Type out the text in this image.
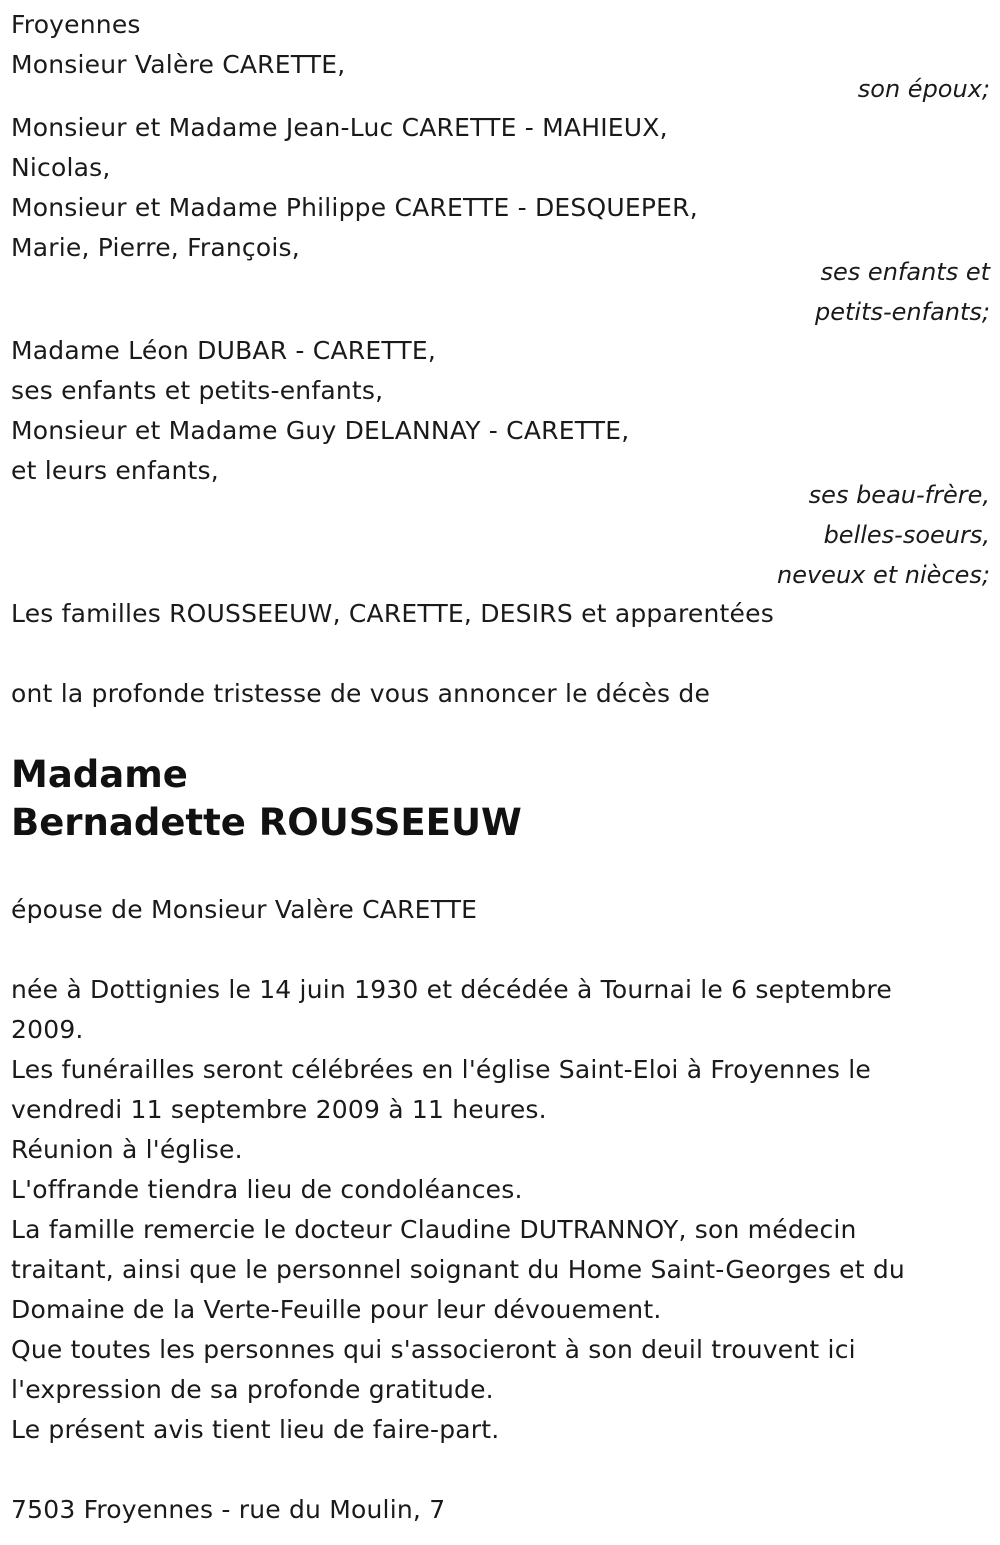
Froyennes
Monsieur Valère CARETTE,
son époux;
Monsieur et Madame Jean-Luc CARETTE - MAHIEUX,
Nicolas,
Monsieur et Madame Philippe CARETTE - DESQUEPER,
Marie, Pierre, François,
ses enfants et
petits-enfants;
Madame Léon DUBAR - CARETTE,
ses enfants et petits-enfants,
Monsieur et Madame Guy DELANNAY - CARETTE,
et leurs enfants,
ses beau-frère,
belles-soeurs,
neveux et nièces;
Les familles ROUSSEEUW, CARETTE, DESIRS et apparentées
ont la profonde tristesse de vous annoncer le décès de
Madame
Bernadette ROUSSEEUW
épouse de Monsieur Valère CARETTE
née à Dottignies le 14 juin 1930 et décédée à Tournai le 6 septembre
2009.
Les funérailles seront célébrées en l'église Saint-Eloi à Froyennes le
vendredi 11 septembre 2009 à 11 heures.
Réunion à l'église.
L'offrande tiendra lieu de condoléances.
La famille remercie le docteur Claudine DUTRANNOY, son médecin
traitant, ainsi que le personnel soignant du Home Saint-Georges et du
Domaine de la Verte-Feuille pour leur dévouement.
Que toutes les personnes qui s'associeront à son deuil trouvent ici
l'expression de sa profonde gratitude.
Le présent avis tient lieu de faire-part.
7503 Froyennes - rue du Moulin, 7
